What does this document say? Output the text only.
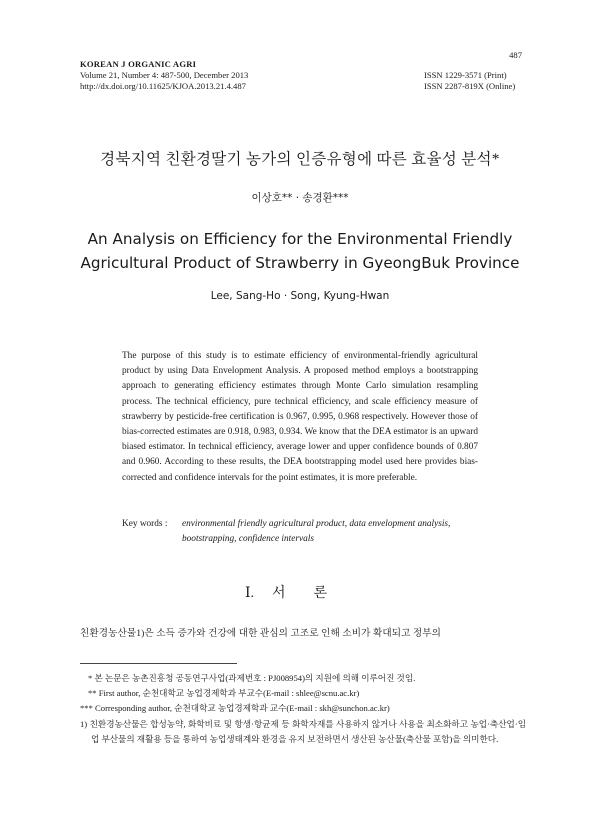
KOREAN J ORGANIC AGRI
Volume 21, Number 4: 487-500, December 2013
http://dx.doi.org/10.11625/KJOA.2013.21.4.487
487
ISSN 1229-3571 (Print)
ISSN 2287-819X (Online)
경북지역 친환경딸기 농가의 인증유형에 따른 효율성 분석*
이상호** · 송경환***
An Analysis on Efficiency for the Environmental Friendly
Agricultural Product of Strawberry in GyeongBuk Province
Lee, Sang-Ho · Song, Kyung-Hwan

The purpose of this study is to estimate efficiency of environmental-friendly agricultural product by using Data Envelopment Analysis. A proposed method employs a bootstrapping approach to generating efficiency estimates through Monte Carlo simulation resampling process. The technical efficiency, pure technical efficiency, and scale efficiency measure of strawberry by pesticide-free certification is 0.967, 0.995, 0.968 respectively. However those of bias-corrected estimates are 0.918, 0.983, 0.934. We know that the DEA estimator is an upward biased estimator. In technical efficiency, average lower and upper confidence bounds of 0.807 and 0.960. According to these results, the DEA bootstrapping model used here provides bias-corrected and confidence intervals for the point estimates, it is more preferable.

Key words : environmental friendly agricultural product, data envelopment analysis, bootstrapping, confidence intervals
Ⅰ. 서론

친환경농산물1)은 소득 증가와 건강에 대한 관심의 고조로 인해 소비가 확대되고 정부의

* 본 논문은 농촌진흥청 공동연구사업(과제번호 : PJ008954)의 지원에 의해 이루어진 것임.
** First author, 순천대학교 농업경제학과 부교수(E-mail : shlee@scnu.ac.kr)
*** Corresponding author, 순천대학교 농업경제학과 교수(E-mail : skh@sunchon.ac.kr)
1) 친환경농산물은 합성농약, 화학비료 및 항생·항균제 등 화학자재를 사용하지 않거나 사용을 최소화하고 농업·축산업·임업 부산물의 재활용 등을 통하여 농업생태계와 환경을 유지 보전하면서 생산된 농산물(축산물 포함)을 의미한다.
